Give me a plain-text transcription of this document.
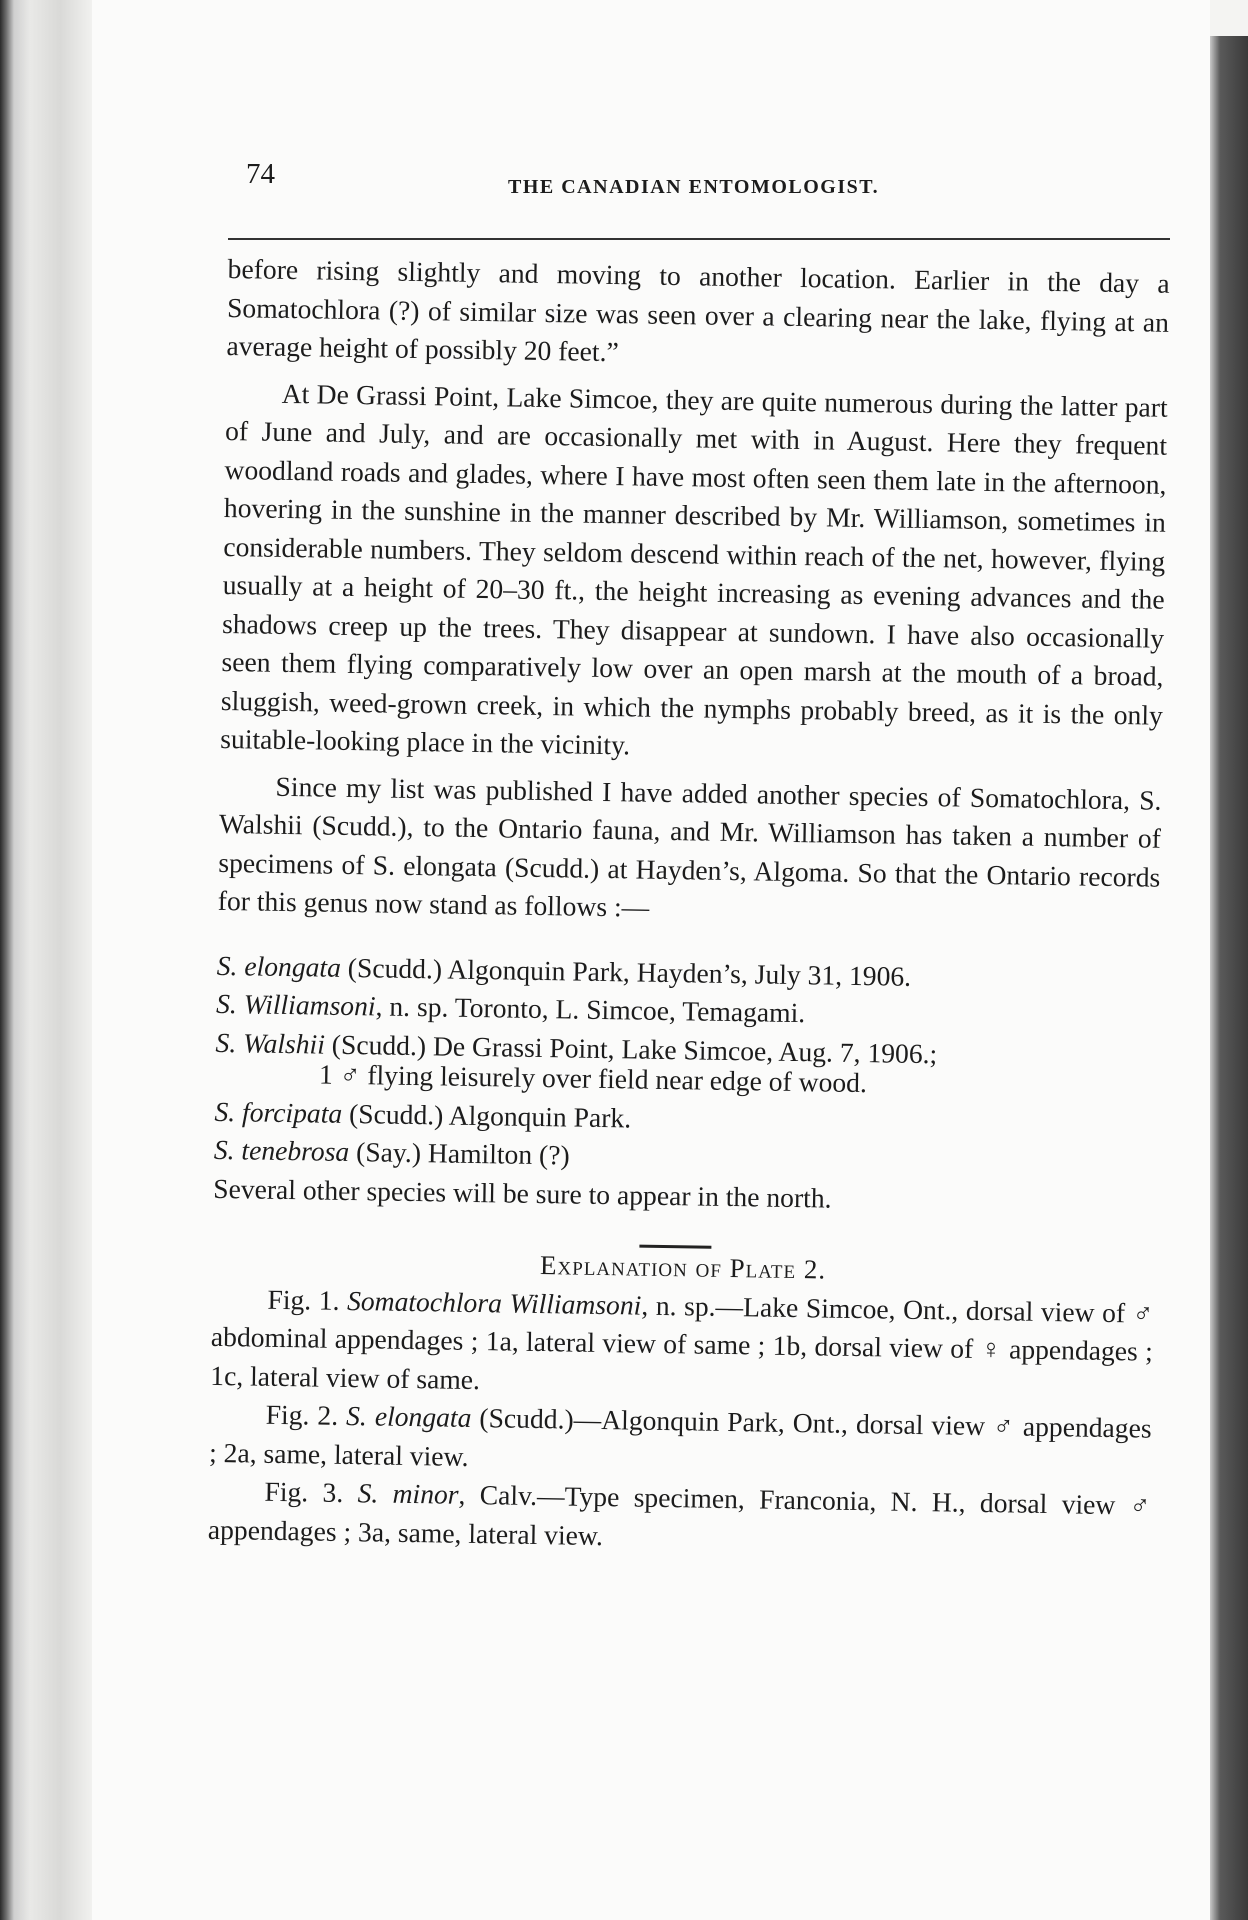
74	THE CANADIAN ENTOMOLOGIST.

before rising slightly and moving to another location. Earlier in the day a Somatochlora (?) of similar size was seen over a clearing near the lake, flying at an average height of possibly 20 feet.”

At De Grassi Point, Lake Simcoe, they are quite numerous during the latter part of June and July, and are occasionally met with in August. Here they frequent woodland roads and glades, where I have most often seen them late in the afternoon, hovering in the sunshine in the manner described by Mr. Williamson, sometimes in considerable numbers. They seldom descend within reach of the net, however, flying usually at a height of 20–30 ft., the height increasing as evening advances and the shadows creep up the trees. They disappear at sundown. I have also occasionally seen them flying comparatively low over an open marsh at the mouth of a broad, sluggish, weed-grown creek, in which the nymphs probably breed, as it is the only suitable-looking place in the vicinity.

Since my list was published I have added another species of Somatochlora, S. Walshii (Scudd.), to the Ontario fauna, and Mr. Williamson has taken a number of specimens of S. elongata (Scudd.) at Hayden’s, Algoma. So that the Ontario records for this genus now stand as follows :—

S. elongata (Scudd.) Algonquin Park, Hayden’s, July 31, 1906.

S. Williamsoni, n. sp. Toronto, L. Simcoe, Temagami.

S. Walshii (Scudd.) De Grassi Point, Lake Simcoe, Aug. 7, 1906.;

1 ♂ flying leisurely over field near edge of wood.

S. forcipata (Scudd.) Algonquin Park.

S. tenebrosa (Say.) Hamilton (?)

Several other species will be sure to appear in the north.

Explanation of Plate 2.

Fig. 1. Somatochlora Williamsoni, n. sp.—Lake Simcoe, Ont., dorsal view of ♂ abdominal appendages ; 1a, lateral view of same ; 1b, dorsal view of ♀ appendages ; 1c, lateral view of same.

Fig. 2. S. elongata (Scudd.)—Algonquin Park, Ont., dorsal view ♂ appendages ; 2a, same, lateral view.

Fig. 3. S. minor, Calv.—Type specimen, Franconia, N. H., dorsal view ♂ appendages ; 3a, same, lateral view.
